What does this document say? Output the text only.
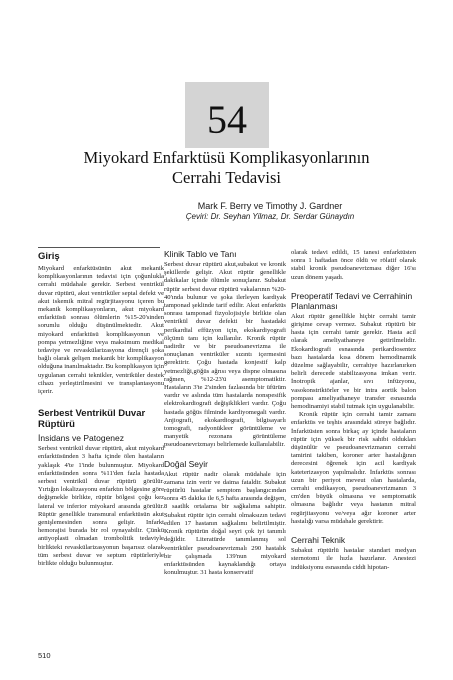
54
Miyokard Enfarktüsü Komplikasyonlarının
Cerrahi Tedavisi
Mark F. Berry ve Timothy J. Gardner
Çeviri: Dr. Seyhan Yilmaz, Dr. Serdar Günaydın
Giriş

Miyokard enfarktüsünün akut mekanik komplikasyonlarının tedavisi için çoğunlukla cerrahi müdahale gerekir. Serbest ventrikül duvar rüptürü, akut ventriküler septal defekt ve akut iskemik mitral regürjitasyonu içeren bu mekanik komplikasyonların, akut miyokard enfarktüsü sonrası ölümlerin %15-20'sinden sorumlu olduğu düşünülmektedir. Akut miyokard enfarktüsü komplikasyonun ve pompa yetmezliğine veya maksimum medikal tedaviye ve revaskülarizasyona dirençli şoka bağlı olarak gelişen mekanik bir komplikasyon olduğuna inanılmaktadır. Bu komplikasyon için uygulanan cerrahi teknikler, ventriküler destek cihazı yerleştirilmesini ve transplantasyonu içerir.

Serbest Ventrikül Duvar Rüptürü
İnsidans ve Patogenez

Serbest ventrikül duvar rüptürü, akut miyokard enfarktüsünden 3 hafta içinde ölen hastaların yaklaşık 4'te 1'inde bulunmuştur. Miyokard enfarktüsünden sonra %11'den fazla hastada serbest ventrikül duvar rüptürü görülür. Yırtığın lokalizasyonu enfarktın bölgesine göre değişmekle birlikte, rüptür bölgesi çoğu kez lateral ve inferior miyokard arasında görülür. Rüptür genellikle transmural enfarktüsün akut genişlemesinden sonra gelişir. Infarkt hemorajisi burada bir rol oynayabilir. Çünkü antiyoplasti olmadan trombolitik tedaviyle birlikteki revaskülarizasyonun başarısız olarak tüm serbest duvar ve septum rüptürleriyle birlikte olduğu bulunmuştur.

Klinik Tablo ve Tanı

Serbest duvar rüptürü akut,subakut ve kronik şekillerde gelişir. Akut rüptür genellikle dakikalar içinde ölümle sonuçlanır. Subakut rüptür serbest duvar rüptürü vakalarının %20-40'ında bulunur ve şoka ilerleyen kardiyak tamponad şeklinde tarif edilir. Akut enfarktüs sonrası tamponad fizyolojisiyle birlikte olan ventrikül duvar defekti bir hastadaki perikardial effüzyon için, ekokardiyografi ölçümü tanı için kullanılır. Kronik rüptür nadirdir ve bir pseudoanevrizma ile sonuçlanan ventriküler sızıntı içermesini gerektirir. Çoğu hastada konjestif kalp yetmezliği,göğüs ağrısı veya dispne olmasına rağmen, %12-23'ü asemptomatiktir. Hastaların 3'te 2'sinden fazlasında bir üfürüm vardır ve aslında tüm hastalarda nonspesifik elektrokardiografi değişiklikleri vardır. Çoğu hastada göğüs filminde kardiyomegali vardır. Anjiografi, ekokardiografi, bilgisayarlı tomografi, radyonükleer görüntüleme ve manyetik rezonans görüntüleme pseudoanevrizmayı belirlemede kullanılabilir.

Doğal Seyir

Akut rüptür nadir olarak müdahale için zamana izin verir ve daima fataldir. Subakut rüptürlü hastalar semptom başlangıcından sonra 45 dakika ile 6,5 hafta arasında değişen, 8 saatlik ortalama bir sağkalıma sahiptir. Subakut rüptür için cerrahi olmaksızın tedavi edilen 17 hastanın sağkalımı belirtilmiştir. Kronik rüptürün doğal seyri çok iyi tanımlı değildir. Literatürde tanımlanmış sol ventriküler pseudoanevrizmalı 290 hastalık bir çalışmada 139'nun miyokard enfarktüsünden kaynaklandığı ortaya konulmuştur. 31 hasta konservatif

olarak tedavi edildi, 15 tanesi enfarktüsten sonra 1 haftadan önce öldü ve rölatif olarak stabil kronik pseudoanevrizması diğer 16'sı uzun dönem yaşadı.

Preoperatif Tedavi ve Cerrahinin Planlanması

Akut rüptür genellikle hiçbir cerrahi tamir girişime cevap vermez. Subakut rüptürü bir hasta için cerrahi tamir gerekir. Hasta acil olarak ameliyathaneye getirilmelidir. Ekokardiografi esnasında perikardiosentez bazı hastalarda kısa dönem hemodinamik düzelme sağlayabilir, cerrahiye hazırlanırken belirli derecede stabilizasyona imkan verir. İnotropik ajanlar, sıvı infüzyonu, vasokonstriktörler ve bir intra aortik balon pompası ameliyathaneye transfer esnasında hemodinamiyi stabil tutmak için uygulanabilir.

Kronik rüptür için cerrahi tamir zamanı enfarktüs ve teşhis arasındaki süreye bağlıdır. İnfarktüsten sonra birkaç ay içinde hastaların rüptür için yüksek bir risk sahibi oldukları düşünülür ve pseudoanevrizmanın cerrahi tamirini takiben, koroner arter hastalığının derecesini öğrenek için acil kardiyak kateterizasyon yapılmalıdır. İnfarktüs sonrası uzun bir periyot meveut olan hastalarda, cerrahi endikasyon, pseudoanevrizmanın 3 cm'den büyük olmasına ve semptomatik olmasına bağlıdır veya hastanın mitral regürjitasyonu ve/veya ağır koroner arter hastalığı varsa müdahale gerektirir.

Cerrahi Teknik

Subakut rüptürlü hastalar standart medyan sternotomi ile hızla hazırlanır. Anestezi indüksiyonu esnasında ciddi hipotan-

510
